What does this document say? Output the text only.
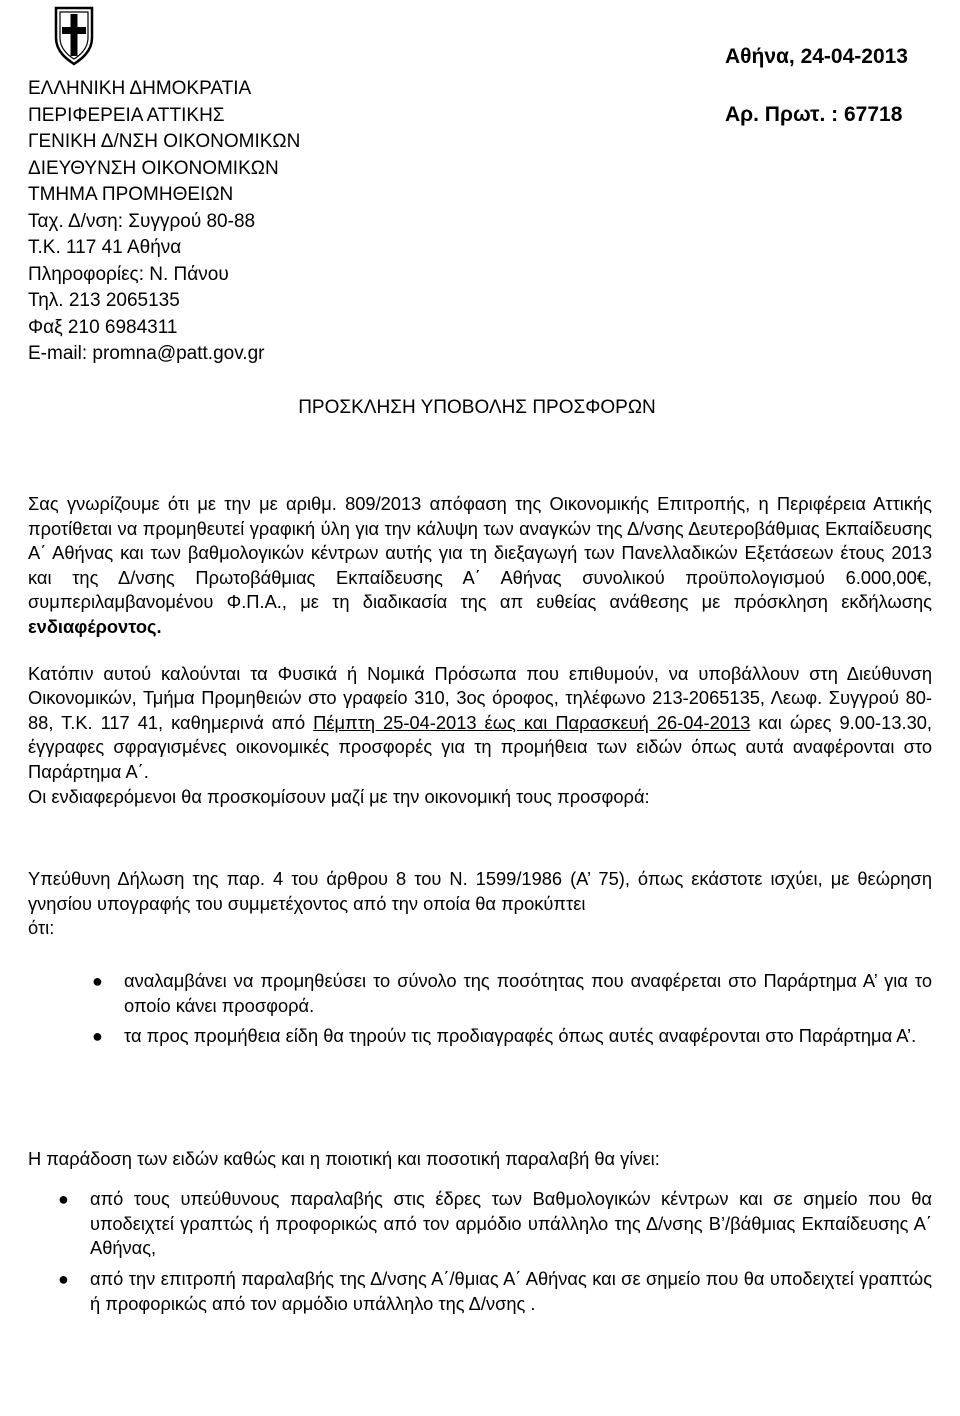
Αθήνα, 24-04-2013
Αρ. Πρωτ. : 67718
ΕΛΛΗΝΙΚΗ ΔΗΜΟΚΡΑΤΙΑ
ΠΕΡΙΦΕΡΕΙΑ ΑΤΤΙΚΗΣ
ΓΕΝΙΚΗ Δ/ΝΣΗ ΟΙΚΟΝΟΜΙΚΩΝ
ΔΙΕΥΘΥΝΣΗ ΟΙΚΟΝΟΜΙΚΩΝ
ΤΜΗΜΑ ΠΡΟΜΗΘΕΙΩΝ
Ταχ. Δ/νση: Συγγρού 80-88
Τ.Κ. 117 41 Αθήνα
Πληροφορίες: Ν. Πάνου
Τηλ. 213 2065135
Φαξ 210 6984311
E-mail: promna@patt.gov.gr
ΠΡΟΣΚΛΗΣΗ ΥΠΟΒΟΛΗΣ ΠΡΟΣΦΟΡΩΝ

Σας γνωρίζουμε ότι με την με αριθμ. 809/2013 απόφαση της Οικονομικής Επιτροπής, η Περιφέρεια Αττικής προτίθεται να προμηθευτεί γραφική ύλη για την κάλυψη των αναγκών της Δ/νσης Δευτεροβάθμιας Εκπαίδευσης Α΄ Αθήνας και των βαθμολογικών κέντρων αυτής για τη διεξαγωγή των Πανελλαδικών Εξετάσεων έτους 2013 και της Δ/νσης Πρωτοβάθμιας Εκπαίδευσης Α΄ Αθήνας συνολικού προϋπολογισμού 6.000,00€, συμπεριλαμβανομένου Φ.Π.Α., με τη διαδικασία της απ ευθείας ανάθεσης με πρόσκληση εκδήλωσης ενδιαφέροντος.

Κατόπιν αυτού καλούνται τα Φυσικά ή Νομικά Πρόσωπα που επιθυμούν, να υποβάλλουν στη Διεύθυνση Οικονομικών, Τμήμα Προμηθειών στο γραφείο 310, 3ος όροφος, τηλέφωνο 213-2065135, Λεωφ. Συγγρού 80-88, Τ.Κ. 117 41, καθημερινά από Πέμπτη 25-04-2013 έως και Παρασκευή 26-04-2013 και ώρες 9.00-13.30, έγγραφες σφραγισμένες οικονομικές προσφορές για τη προμήθεια των ειδών όπως αυτά αναφέρονται στο Παράρτημα Α΄.

Οι ενδιαφερόμενοι θα προσκομίσουν μαζί με την οικονομική τους προσφορά:

Υπεύθυνη Δήλωση της παρ. 4 του άρθρου 8 του Ν. 1599/1986 (Α’ 75), όπως εκάστοτε ισχύει, με θεώρηση γνησίου υπογραφής του συμμετέχοντος από την οποία θα προκύπτει

ότι:

● αναλαμβάνει να προμηθεύσει το σύνολο της ποσότητας που αναφέρεται στο Παράρτημα Α’ για το οποίο κάνει προσφορά.
● τα προς προμήθεια είδη θα τηρούν τις προδιαγραφές όπως αυτές αναφέρονται στο Παράρτημα Α’.

Η παράδοση των ειδών καθώς και η ποιοτική και ποσοτική παραλαβή θα γίνει:

● από τους υπεύθυνους παραλαβής στις έδρες των Βαθμολογικών κέντρων και σε σημείο που θα υποδειχτεί γραπτώς ή προφορικώς από τον αρμόδιο υπάλληλο της Δ/νσης Β’/βάθμιας Εκπαίδευσης Α΄ Αθήνας,
● από την επιτροπή παραλαβής της Δ/νσης Α΄/θμιας Α΄ Αθήνας και σε σημείο που θα υποδειχτεί γραπτώς ή προφορικώς από τον αρμόδιο υπάλληλο της Δ/νσης .
